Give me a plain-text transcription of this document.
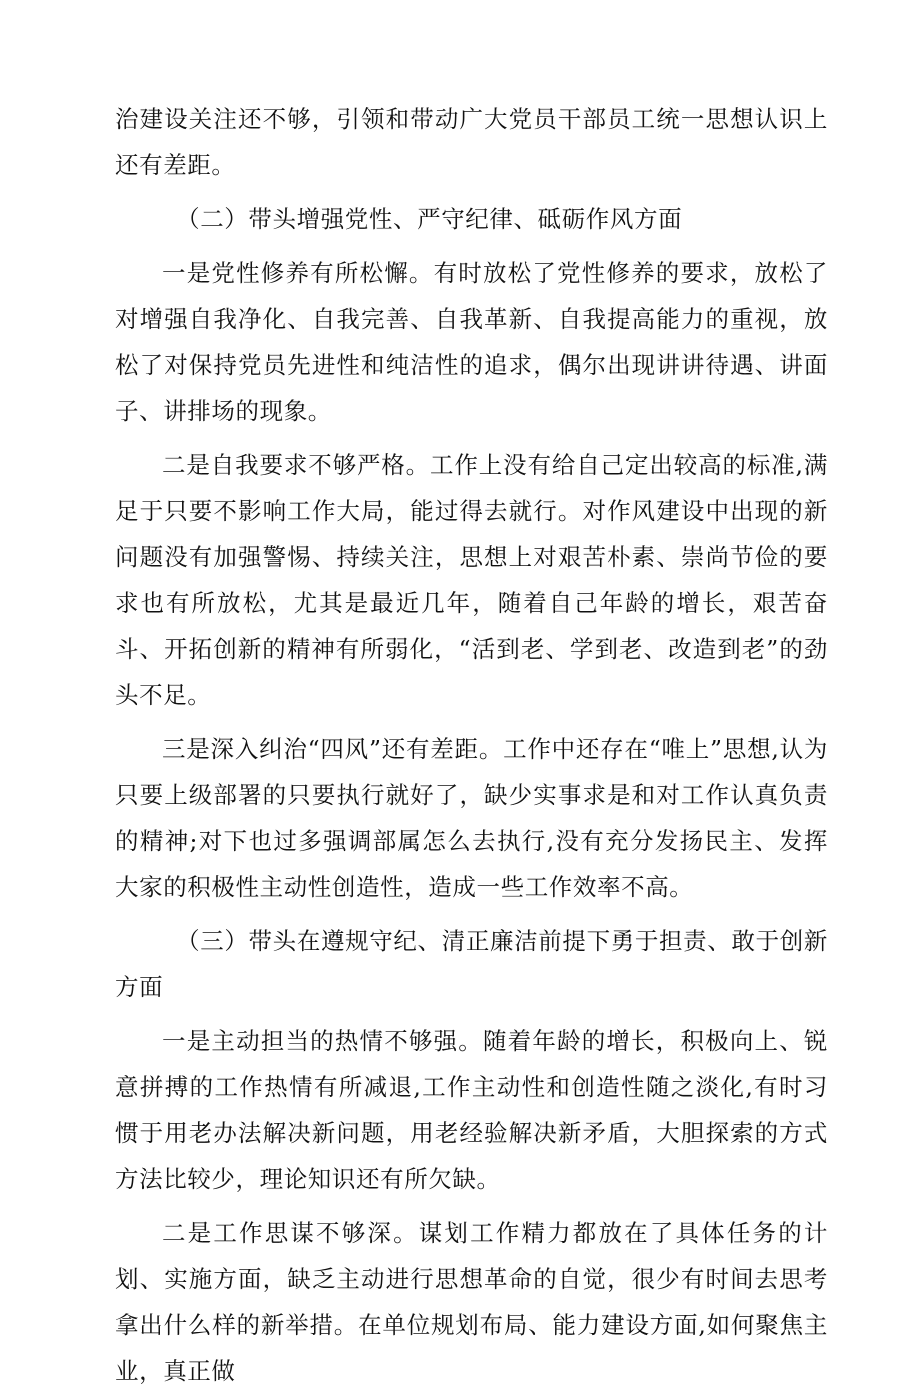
治建设关注还不够，引领和带动广大党员干部员工统一思想认识上还有差距。

（二）带头增强党性、严守纪律、砥砺作风方面

一是党性修养有所松懈。有时放松了党性修养的要求，放松了对增强自我净化、自我完善、自我革新、自我提高能力的重视，放松了对保持党员先进性和纯洁性的追求，偶尔出现讲讲待遇、讲面子、讲排场的现象。

二是自我要求不够严格。工作上没有给自己定出较高的标准,满足于只要不影响工作大局，能过得去就行。对作风建设中出现的新问题没有加强警惕、持续关注，思想上对艰苦朴素、崇尚节俭的要求也有所放松，尤其是最近几年，随着自己年龄的增长，艰苦奋斗、开拓创新的精神有所弱化，“活到老、学到老、改造到老”的劲头不足。

三是深入纠治“四风”还有差距。工作中还存在“唯上”思想,认为只要上级部署的只要执行就好了，缺少实事求是和对工作认真负责的精神;对下也过多强调部属怎么去执行,没有充分发扬民主、发挥大家的积极性主动性创造性，造成一些工作效率不高。

（三）带头在遵规守纪、清正廉洁前提下勇于担责、敢于创新方面

一是主动担当的热情不够强。随着年龄的增长，积极向上、锐意拼搏的工作热情有所减退,工作主动性和创造性随之淡化,有时习惯于用老办法解决新问题，用老经验解决新矛盾，大胆探索的方式方法比较少，理论知识还有所欠缺。

二是工作思谋不够深。谋划工作精力都放在了具体任务的计划、实施方面，缺乏主动进行思想革命的自觉，很少有时间去思考拿出什么样的新举措。在单位规划布局、能力建设方面,如何聚焦主业，真正做
